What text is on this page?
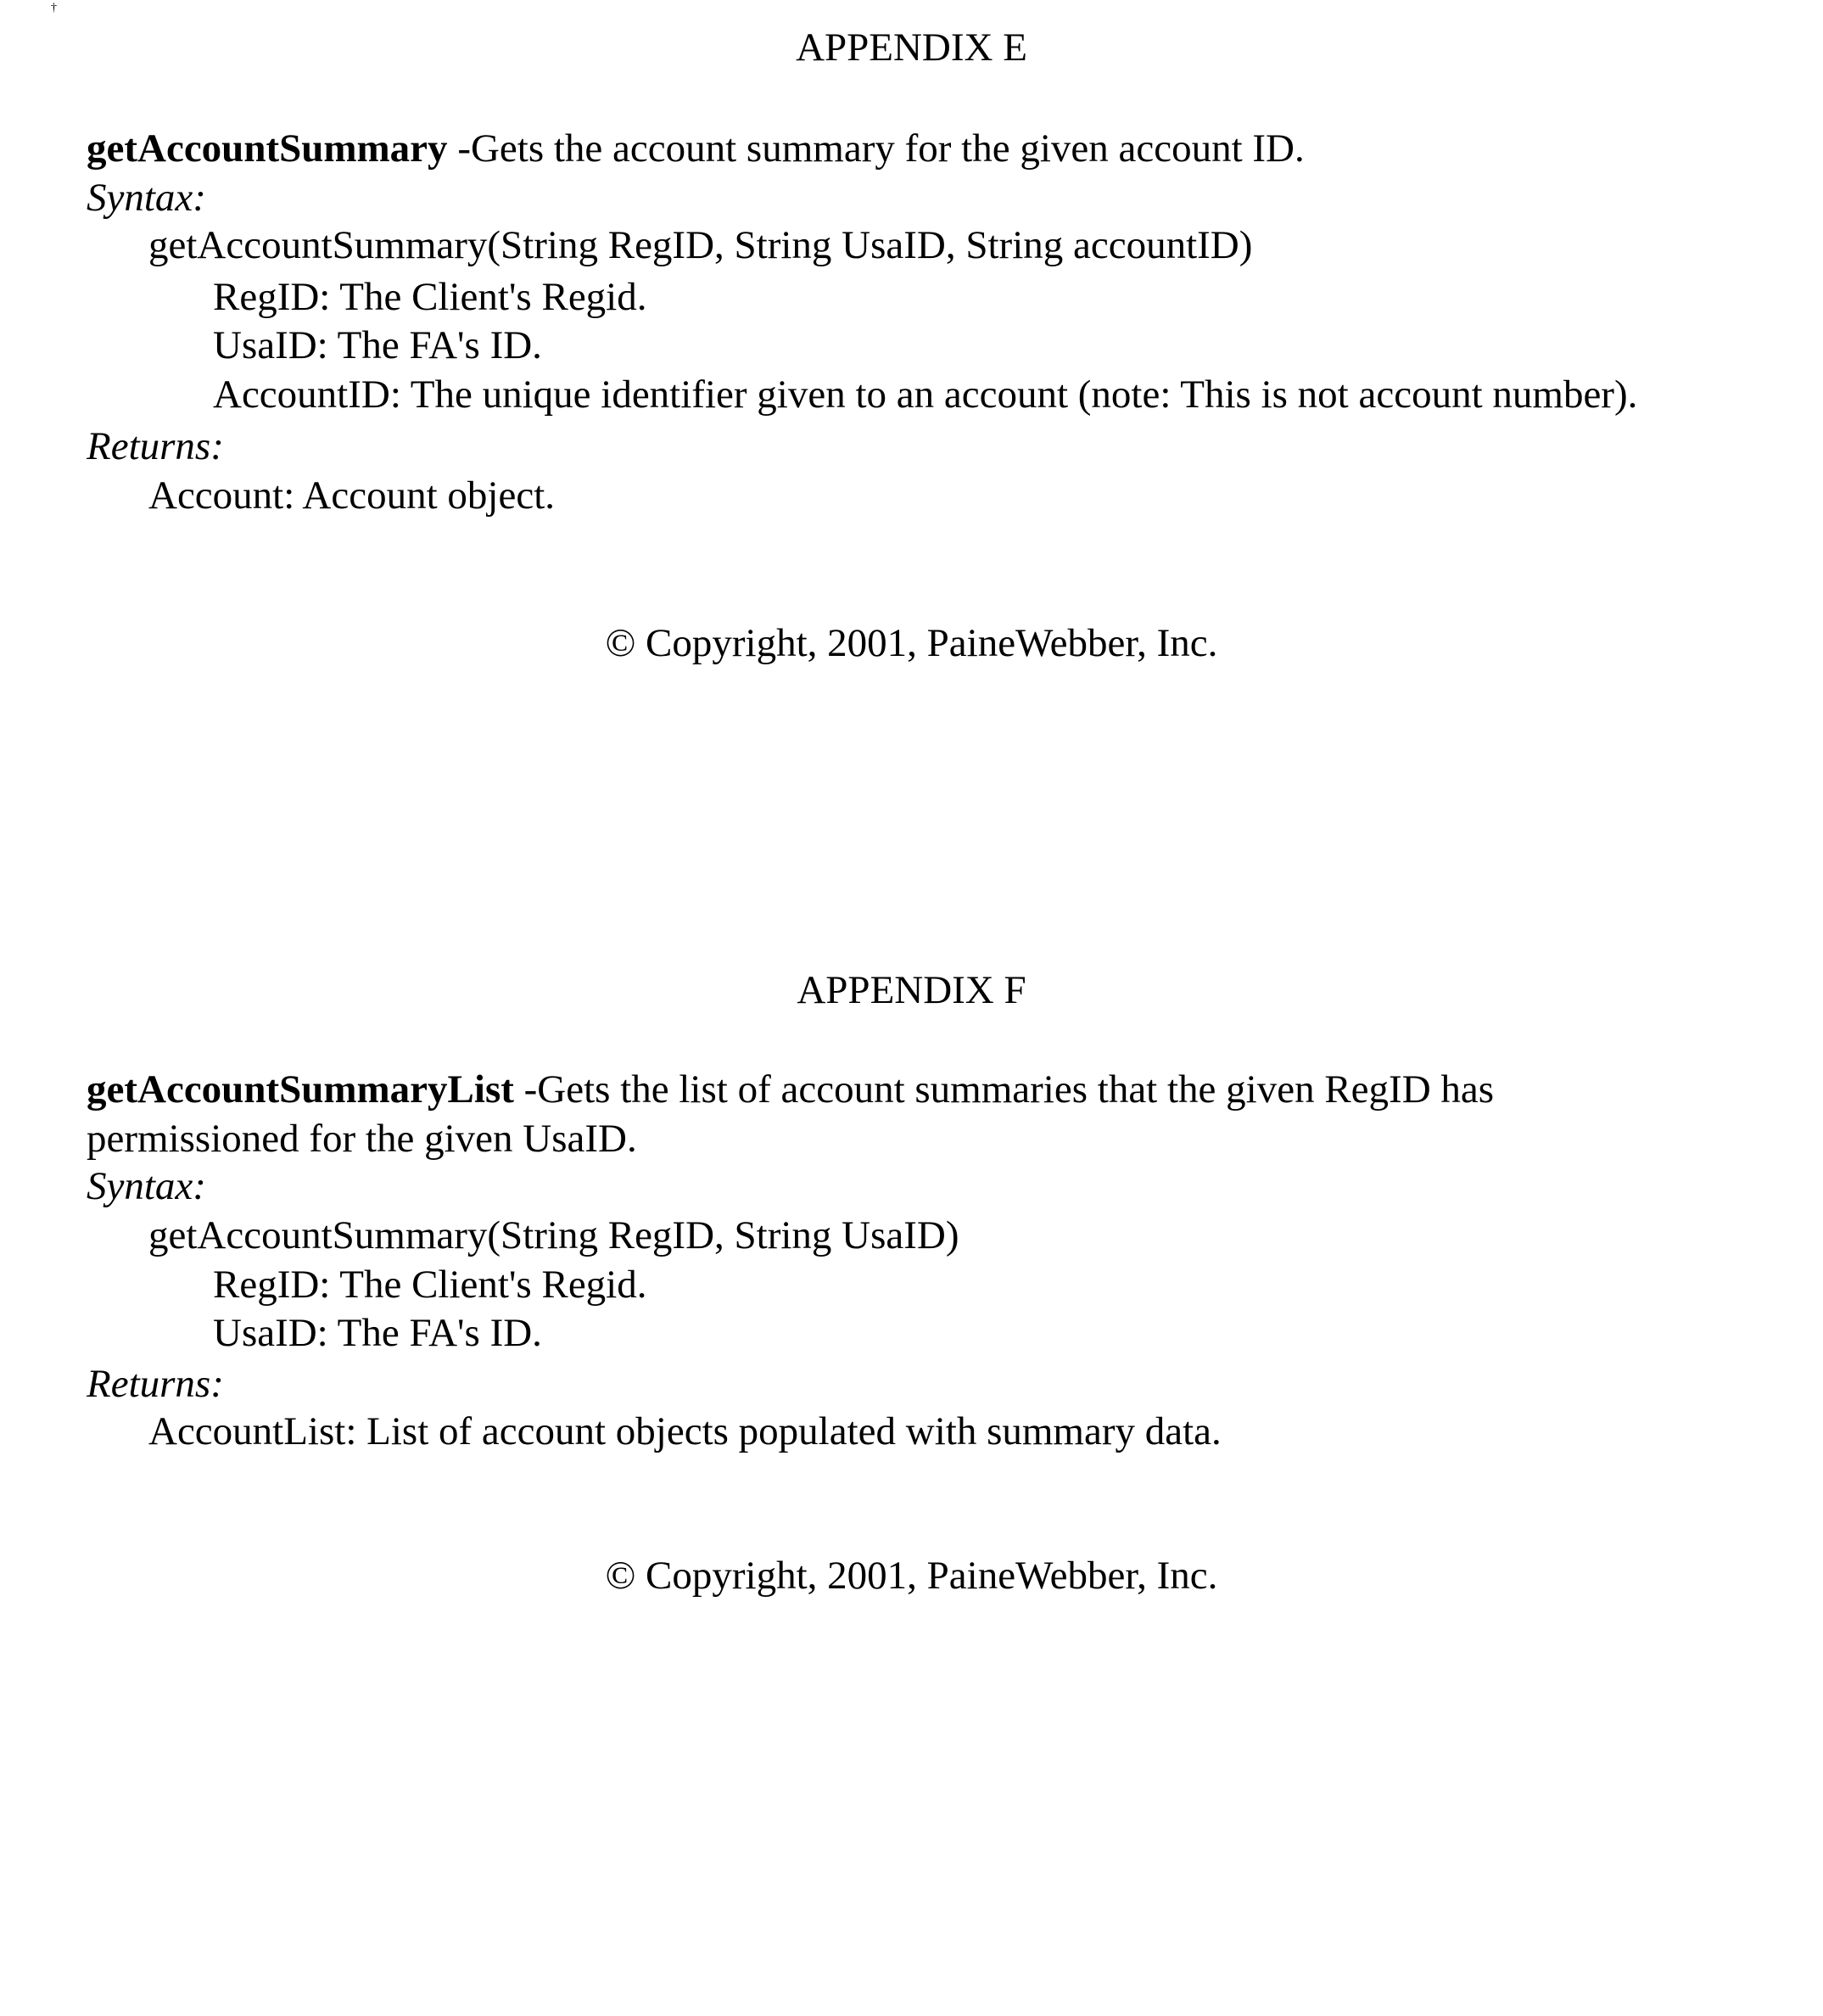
†
APPENDIX E
getAccountSummary -Gets the account summary for the given account ID.
Syntax:
getAccountSummary(String RegID, String UsaID, String accountID)
RegID: The Client's Regid.
UsaID: The FA's ID.
AccountID: The unique identifier given to an account (note: This is not account number).
Returns:
Account: Account object.
© Copyright, 2001, PaineWebber, Inc.
APPENDIX F
getAccountSummaryList -Gets the list of account summaries that the given RegID has
permissioned for the given UsaID.
Syntax:
getAccountSummary(String RegID, String UsaID)
RegID: The Client's Regid.
UsaID: The FA's ID.
Returns:
AccountList: List of account objects populated with summary data.
© Copyright, 2001, PaineWebber, Inc.
